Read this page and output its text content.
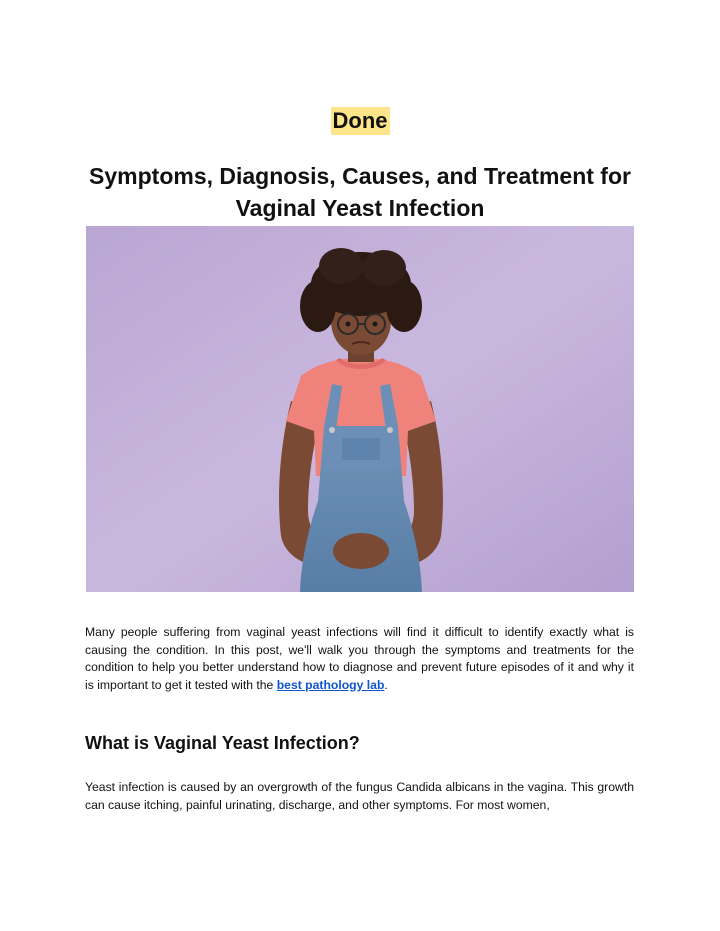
Done
Symptoms, Diagnosis, Causes, and Treatment for Vaginal Yeast Infection

Many people suffering from vaginal yeast infections will find it difficult to identify exactly what is causing the condition. In this post, we'll walk you through the symptoms and treatments for the condition to help you better understand how to diagnose and prevent future episodes of it and why it is important to get it tested with the best pathology lab.

What is Vaginal Yeast Infection?

Yeast infection is caused by an overgrowth of the fungus Candida albicans in the vagina. This growth can cause itching, painful urinating, discharge, and other symptoms. For most women,
